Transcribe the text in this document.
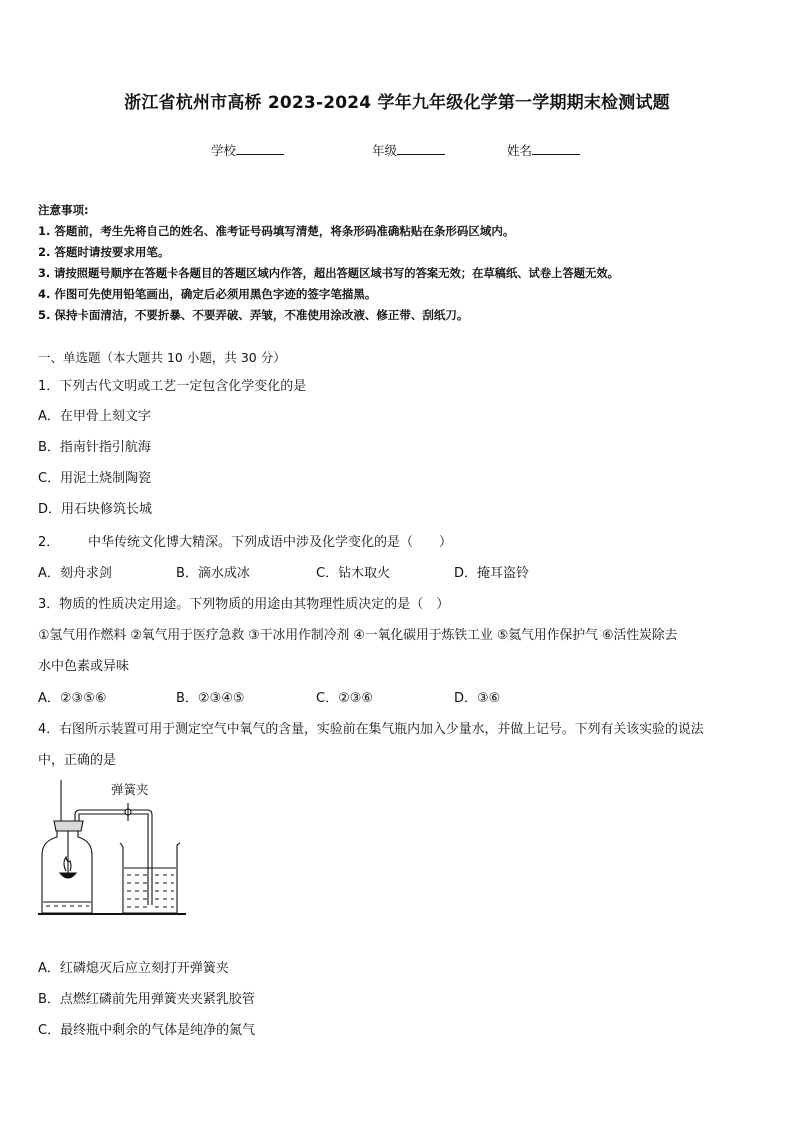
浙江省杭州市高桥 2023-2024 学年九年级化学第一学期期末检测试题
学校	年级	姓名
注意事项:
1. 答题前，考生先将自己的姓名、准考证号码填写清楚，将条形码准确粘贴在条形码区域内。
2. 答题时请按要求用笔。
3. 请按照题号顺序在答题卡各题目的答题区域内作答，超出答题区域书写的答案无效；在草稿纸、试卷上答题无效。
4. 作图可先使用铅笔画出，确定后必须用黑色字迹的签字笔描黑。
5. 保持卡面清洁，不要折暴、不要弄破、弄皱，不准使用涂改液、修正带、刮纸刀。
一、单选题（本大题共 10 小题，共 30 分）
1．下列古代文明或工艺一定包含化学变化的是
A．在甲骨上刻文字
B．指南针指引航海
C．用泥土烧制陶瓷
D．用石块修筑长城
2． 中华传统文化博大精深。下列成语中涉及化学变化的是（　　）
A．刻舟求剑	B．滴水成冰	C．钻木取火	D．掩耳盗铃
3．物质的性质决定用途。下列物质的用途由其物理性质决定的是（　）
①氢气用作燃料 ②氧气用于医疗急救 ③干冰用作制冷剂 ④一氧化碳用于炼铁工业 ⑤氦气用作保护气 ⑥活性炭除去
水中色素或异味
A．②③⑤⑥	B．②③④⑤	C．②③⑥	D．③⑥
4．右图所示装置可用于测定空气中氧气的含量，实验前在集气瓶内加入少量水，并做上记号。下列有关该实验的说法
中，正确的是
弹簧夹
A．红磷熄灭后应立刻打开弹簧夹
B．点燃红磷前先用弹簧夹夹紧乳胶管
C．最终瓶中剩余的气体是纯净的氮气
